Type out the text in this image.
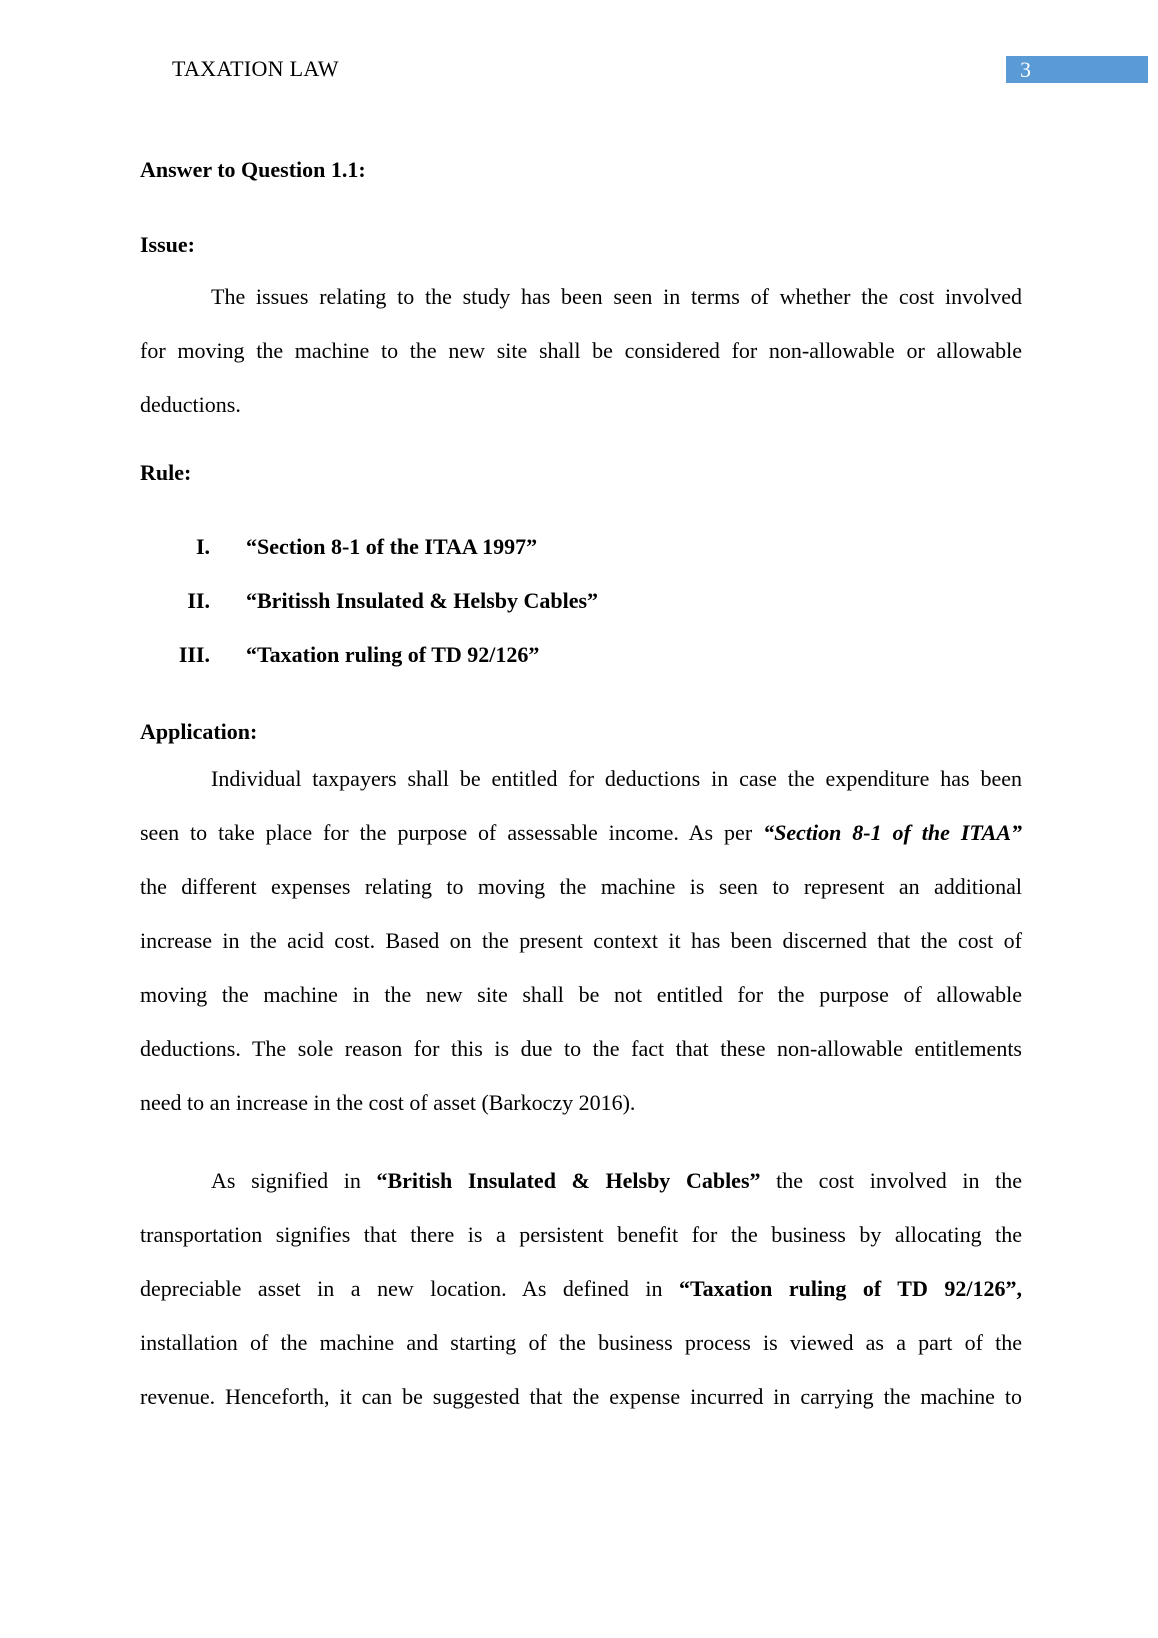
TAXATION LAW	3
Answer to Question 1.1:
Issue:
The issues relating to the study has been seen in terms of whether the cost involved
for moving the machine to the new site shall be considered for non-allowable or allowable
deductions.
Rule:
I. “Section 8-1 of the ITAA 1997”
II. “Britissh Insulated & Helsby Cables”
III. “Taxation ruling of TD 92/126”
Application:
Individual taxpayers shall be entitled for deductions in case the expenditure has been
seen to take place for the purpose of assessable income. As per “Section 8-1 of the ITAA”
the different expenses relating to moving the machine is seen to represent an additional
increase in the acid cost. Based on the present context it has been discerned that the cost of
moving the machine in the new site shall be not entitled for the purpose of allowable
deductions. The sole reason for this is due to the fact that these non-allowable entitlements
need to an increase in the cost of asset (Barkoczy 2016).
As signified in “British Insulated & Helsby Cables” the cost involved in the
transportation signifies that there is a persistent benefit for the business by allocating the
depreciable asset in a new location. As defined in “Taxation ruling of TD 92/126”,
installation of the machine and starting of the business process is viewed as a part of the
revenue. Henceforth, it can be suggested that the expense incurred in carrying the machine to
